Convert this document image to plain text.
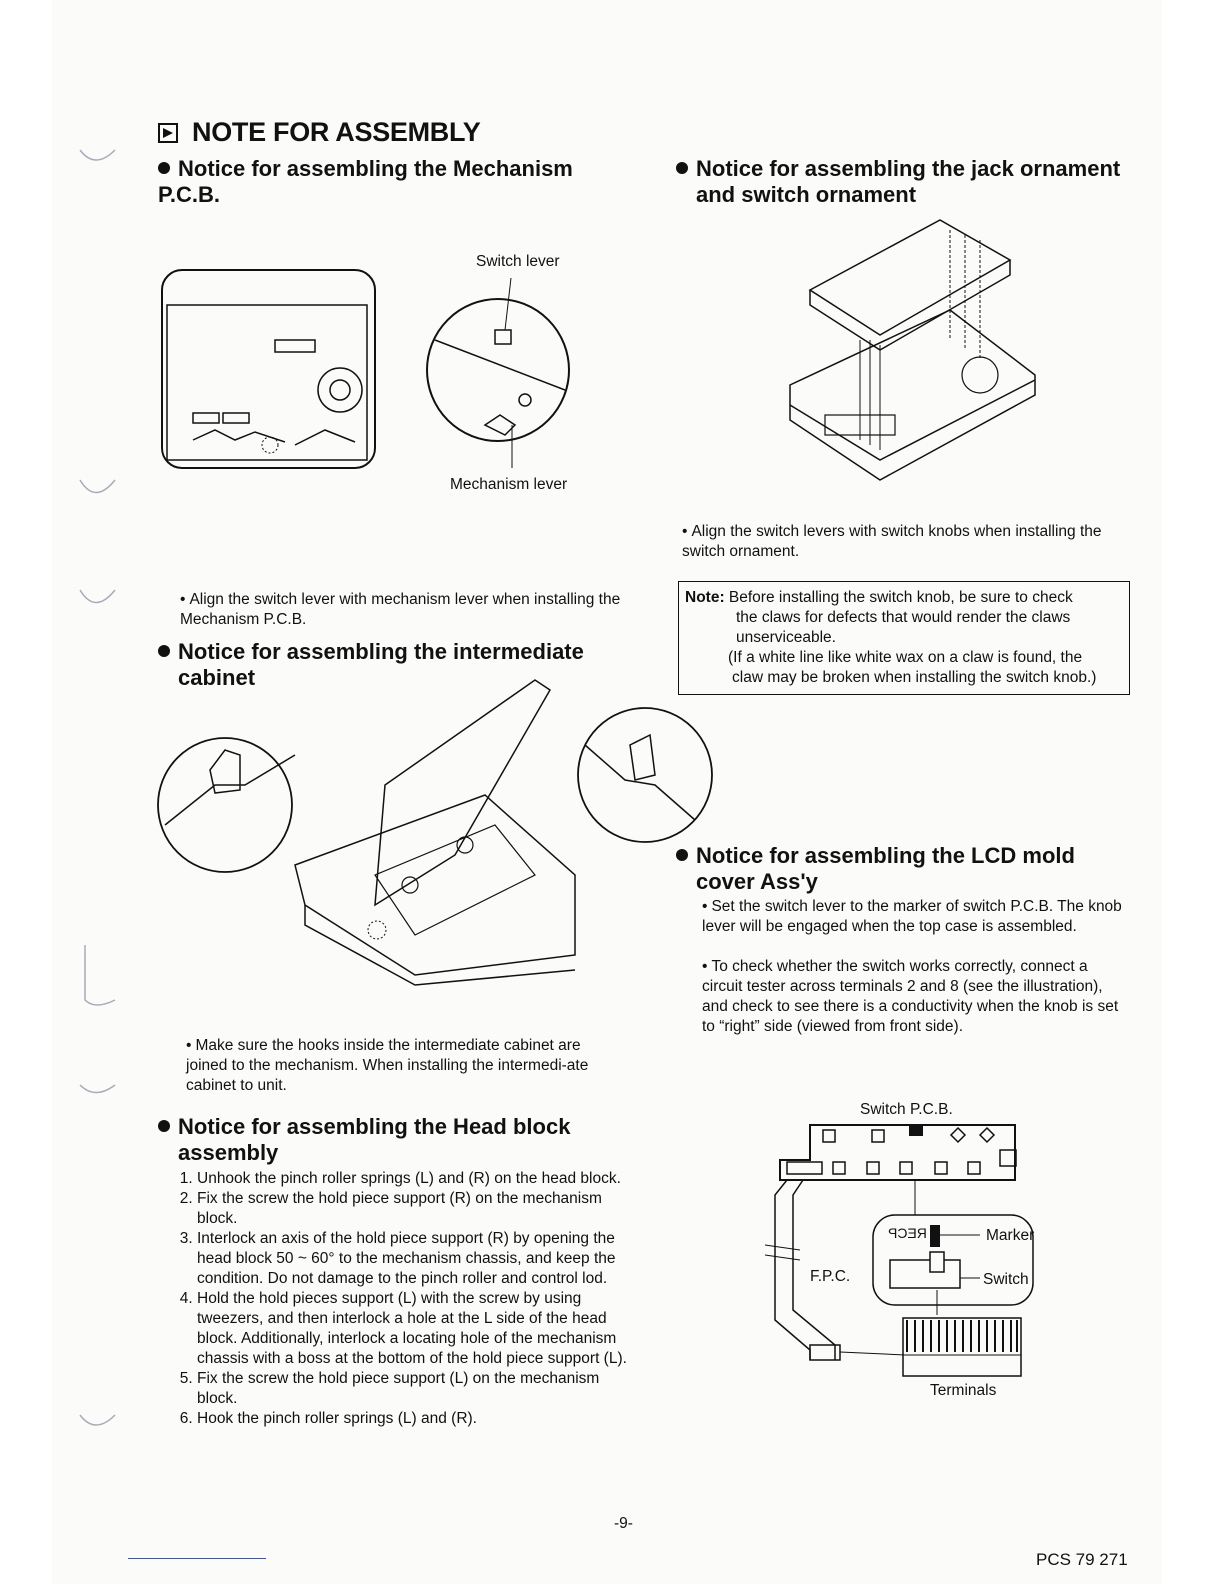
NOTE FOR ASSEMBLY
Notice for assembling the Mechanism P.C.B.
Switch lever
Mechanism lever
• Align the switch lever with mechanism lever when installing the Mechanism P.C.B.
Notice for assembling the jack ornament
and switch ornament
• Align the switch levers with switch knobs when installing the switch ornament.
Note: Before installing the switch knob, be sure to check
the claws for defects that would render the claws
unserviceable.
(If a white line like white wax on a claw is found, the
claw may be broken when installing the switch knob.)
Notice for assembling the intermediate
cabinet
• Make sure the hooks inside the intermediate cabinet are joined to the mechanism. When installing the intermedi-ate cabinet to unit.
Notice for assembling the LCD mold
cover Ass'y
• Set the switch lever to the marker of switch P.C.B. The knob lever will be engaged when the top case is assembled.
• To check whether the switch works correctly, connect a circuit tester across terminals 2 and 8 (see the illustration), and check to see there is a conductivity when the knob is set to “right” side (viewed from front side).
Switch P.C.B.
Marker
Switch
F.P.C.
Terminals
RECP
Notice for assembling the Head block
assembly
1. Unhook the pinch roller springs (L) and (R) on the head block.
2. Fix the screw the hold piece support (R) on the mechanism block.
3. Interlock an axis of the hold piece support (R) by opening the head block 50 ~ 60° to the mechanism chassis, and keep the condition. Do not damage to the pinch roller and control lod.
4. Hold the hold pieces support (L) with the screw by using tweezers, and then interlock a hole at the L side of the head block. Additionally, interlock a locating hole of the mechanism chassis with a boss at the bottom of the hold piece support (L).
5. Fix the screw the hold piece support (L) on the mechanism block.
6. Hook the pinch roller springs (L) and (R).
-9-
PCS 79 271
